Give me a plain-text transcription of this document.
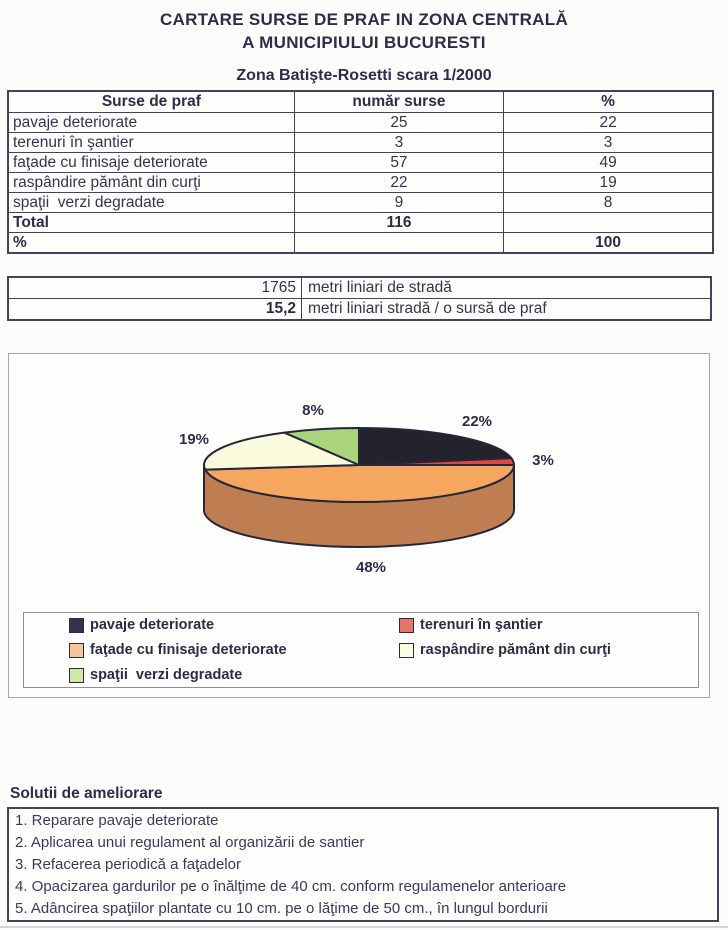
CARTARE SURSE DE PRAF IN ZONA CENTRALĂ
A MUNICIPIULUI BUCURESTI
Zona Batişte-Rosetti scara 1/2000
Surse de praf	număr surse	%
pavaje deteriorate	25	22
terenuri în şantier	3	3
faţade cu finisaje deteriorate	57	49
raspândire pământ din curţi	22	19
spaţii  verzi degradate	9	8
Total	116	
%		100
1765	metri liniari de stradă
15,2	metri liniari stradă / o sursă de praf
22%
3%
48%
19%
8%
pavaje deteriorate	terenuri în şantier
faţade cu finisaje deteriorate	raspândire pământ din curţi
spaţii  verzi degradate
Solutii de ameliorare
1. Reparare pavaje deteriorate
2. Aplicarea unui regulament al organizării de santier
3. Refacerea periodică a faţadelor
4. Opacizarea gardurilor pe o înălţime de 40 cm. conform regulamenelor anterioare
5. Adâncirea spaţiilor plantate cu 10 cm. pe o lăţime de 50 cm., în lungul bordurii
